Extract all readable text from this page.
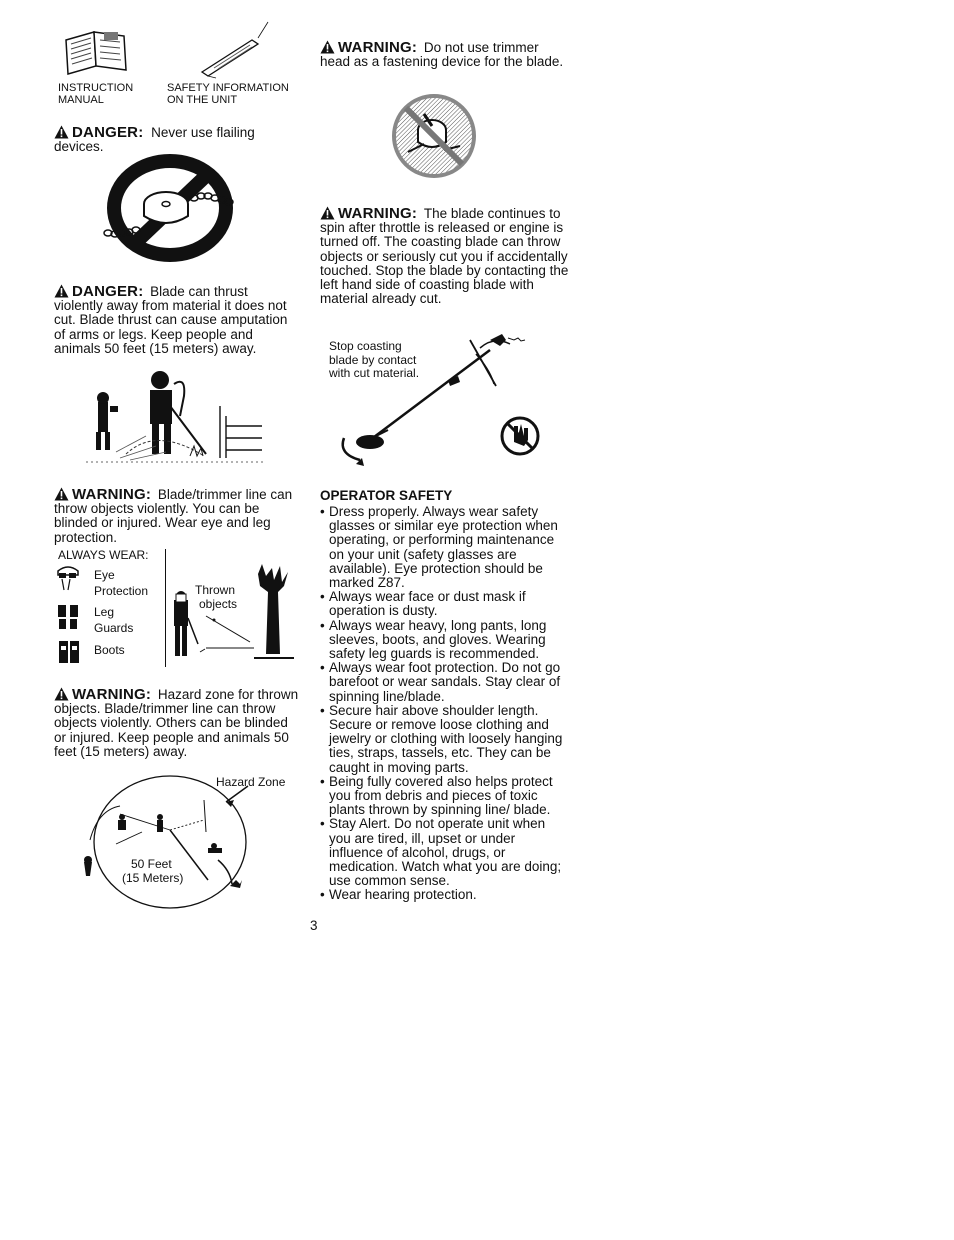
INSTRUCTION
MANUAL
SAFETY INFORMATION
ON THE UNIT
DANGER: Never use flailing devices.
DANGER: Blade can thrust violently away from material it does not cut. Blade thrust can cause amputation of arms or legs. Keep people and animals 50 feet (15 meters) away.
WARNING: Blade/trimmer line can throw objects violently. You can be blinded or injured. Wear eye and leg protection.
ALWAYS WEAR:
Eye
Protection
Leg
Guards
Boots
Thrown
objects
WARNING: Hazard zone for thrown objects. Blade/trimmer line can throw objects violently. Others can be blinded or injured. Keep people and animals 50 feet (15 meters) away.
Hazard Zone
50 Feet
(15 Meters)
WARNING: Do not use trimmer head as a fastening device for the blade.
WARNING: The blade continues to spin after throttle is released or engine is turned off. The coasting blade can throw objects or seriously cut you if accidentally touched. Stop the blade by contacting the left hand side of coasting blade with material already cut.
Stop coasting
blade by contact
with cut material.
OPERATOR SAFETY
• Dress properly. Always wear safety glasses or similar eye protection when operating, or performing maintenance on your unit (safety glasses are available). Eye protection should be marked Z87.
• Always wear face or dust mask if operation is dusty.
• Always wear heavy, long pants, long sleeves, boots, and gloves. Wearing safety leg guards is recommended.
• Always wear foot protection. Do not go barefoot or wear sandals. Stay clear of spinning line/blade.
• Secure hair above shoulder length. Secure or remove loose clothing and jewelry or clothing with loosely hanging ties, straps, tassels, etc. They can be caught in moving parts.
• Being fully covered also helps protect you from debris and pieces of toxic plants thrown by spinning line/ blade.
• Stay Alert. Do not operate unit when you are tired, ill, upset or under influence of alcohol, drugs, or medication. Watch what you are doing; use common sense.
• Wear hearing protection.
3
